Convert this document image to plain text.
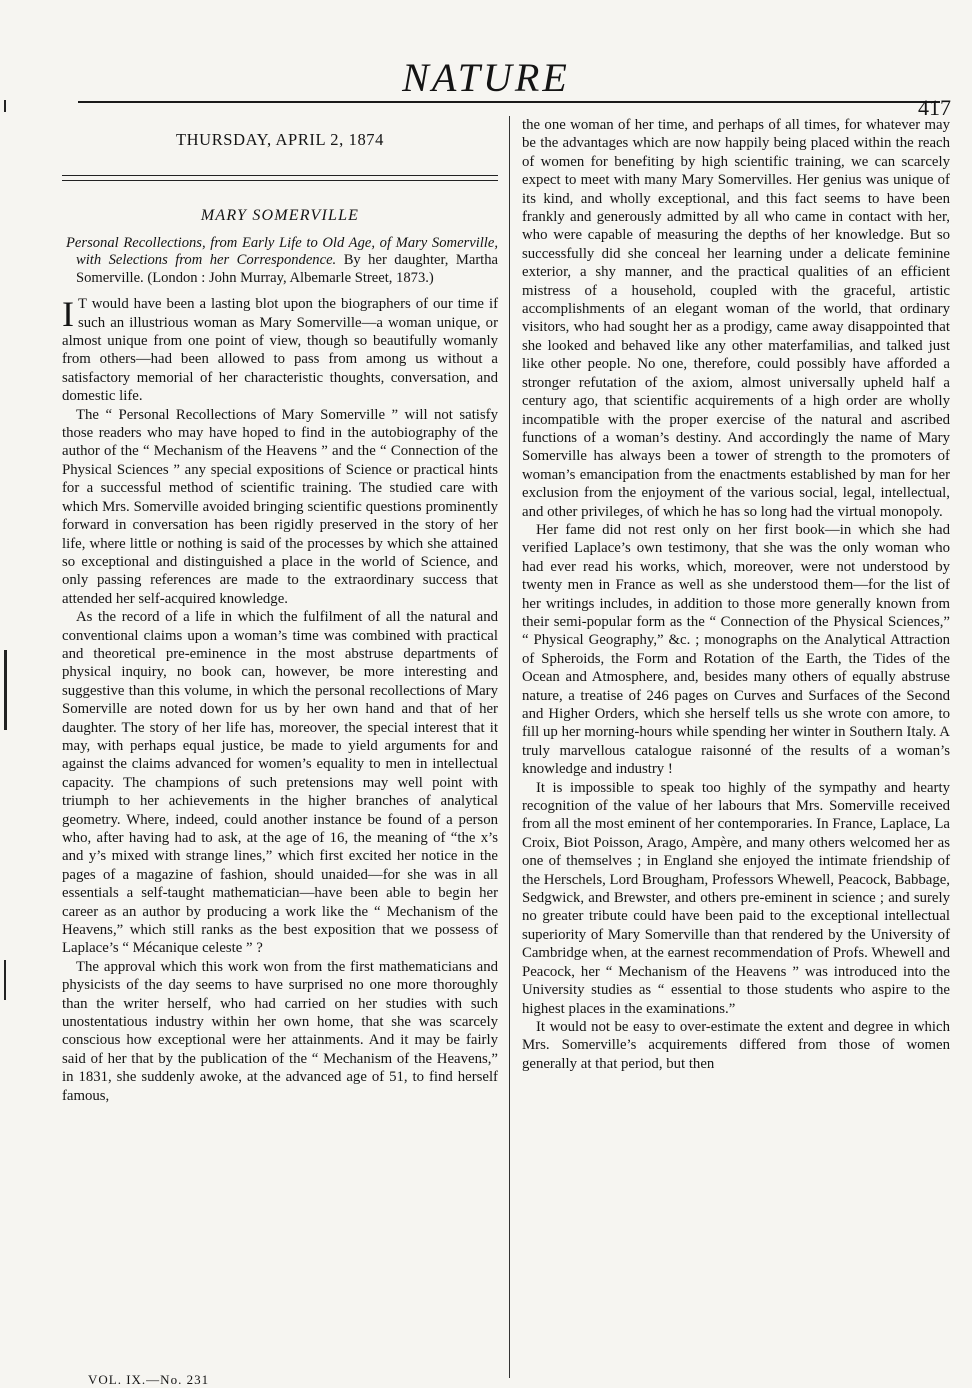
NATURE
417
THURSDAY, APRIL 2, 1874
MARY SOMERVILLE
Personal Recollections, from Early Life to Old Age, of Mary Somerville, with Selections from her Correspondence. By her daughter, Martha Somerville. (London : John Murray, Albemarle Street, 1873.)

I T would have been a lasting blot upon the biographers of our time if such an illustrious woman as Mary Somerville—a woman unique, or almost unique from one point of view, though so beautifully womanly from others—had been allowed to pass from among us without a satisfactory memorial of her characteristic thoughts, conversation, and domestic life.

The “ Personal Recollections of Mary Somerville ” will not satisfy those readers who may have hoped to find in the autobiography of the author of the “ Mechanism of the Heavens ” and the “ Connection of the Physical Sciences ” any special expositions of Science or practical hints for a successful method of scientific training. The studied care with which Mrs. Somerville avoided bringing scientific questions prominently forward in conversation has been rigidly preserved in the story of her life, where little or nothing is said of the processes by which she attained so exceptional and distinguished a place in the world of Science, and only passing references are made to the extraordinary success that attended her self-acquired knowledge.

As the record of a life in which the fulfilment of all the natural and conventional claims upon a woman’s time was combined with practical and theoretical pre-eminence in the most abstruse departments of physical inquiry, no book can, however, be more interesting and suggestive than this volume, in which the personal recollections of Mary Somerville are noted down for us by her own hand and that of her daughter. The story of her life has, moreover, the special interest that it may, with perhaps equal justice, be made to yield arguments for and against the claims advanced for women’s equality to men in intellectual capacity. The champions of such pretensions may well point with triumph to her achievements in the higher branches of analytical geometry. Where, indeed, could another instance be found of a person who, after having had to ask, at the age of 16, the meaning of “the x’s and y’s mixed with strange lines,” which first excited her notice in the pages of a magazine of fashion, should unaided—for she was in all essentials a self-taught mathematician—have been able to begin her career as an author by producing a work like the “ Mechanism of the Heavens,” which still ranks as the best exposition that we possess of Laplace’s “ Mécanique celeste ” ?

The approval which this work won from the first mathematicians and physicists of the day seems to have surprised no one more thoroughly than the writer herself, who had carried on her studies with such unostentatious industry within her own home, that she was scarcely conscious how exceptional were her attainments. And it may be fairly said of her that by the publication of the “ Mechanism of the Heavens,” in 1831, she suddenly awoke, at the advanced age of 51, to find herself famous,

the one woman of her time, and perhaps of all times, for whatever may be the advantages which are now happily being placed within the reach of women for benefiting by high scientific training, we can scarcely expect to meet with many Mary Somervilles. Her genius was unique of its kind, and wholly exceptional, and this fact seems to have been frankly and generously admitted by all who came in contact with her, who were capable of measuring the depths of her knowledge. But so successfully did she conceal her learning under a delicate feminine exterior, a shy manner, and the practical qualities of an efficient mistress of a household, coupled with the graceful, artistic accomplishments of an elegant woman of the world, that ordinary visitors, who had sought her as a prodigy, came away disappointed that she looked and behaved like any other materfamilias, and talked just like other people. No one, therefore, could possibly have afforded a stronger refutation of the axiom, almost universally upheld half a century ago, that scientific acquirements of a high order are wholly incompatible with the proper exercise of the natural and ascribed functions of a woman’s destiny. And accordingly the name of Mary Somerville has always been a tower of strength to the promoters of woman’s emancipation from the enactments established by man for her exclusion from the enjoyment of the various social, legal, intellectual, and other privileges, of which he has so long had the virtual monopoly.

Her fame did not rest only on her first book—in which she had verified Laplace’s own testimony, that she was the only woman who had ever read his works, which, moreover, were not understood by twenty men in France as well as she understood them—for the list of her writings includes, in addition to those more generally known from their semi-popular form as the “ Connection of the Physical Sciences,” “ Physical Geography,” &c. ; monographs on the Analytical Attraction of Spheroids, the Form and Rotation of the Earth, the Tides of the Ocean and Atmosphere, and, besides many others of equally abstruse nature, a treatise of 246 pages on Curves and Surfaces of the Second and Higher Orders, which she herself tells us she wrote con amore, to fill up her morning-hours while spending her winter in Southern Italy. A truly marvellous catalogue raisonné of the results of a woman’s knowledge and industry !

It is impossible to speak too highly of the sympathy and hearty recognition of the value of her labours that Mrs. Somerville received from all the most eminent of her contemporaries. In France, Laplace, La Croix, Biot Poisson, Arago, Ampère, and many others welcomed her as one of themselves ; in England she enjoyed the intimate friendship of the Herschels, Lord Brougham, Professors Whewell, Peacock, Babbage, Sedgwick, and Brewster, and others pre-eminent in science ; and surely no greater tribute could have been paid to the exceptional intellectual superiority of Mary Somerville than that rendered by the University of Cambridge when, at the earnest recommendation of Profs. Whewell and Peacock, her “ Mechanism of the Heavens ” was introduced into the University studies as “ essential to those students who aspire to the highest places in the examinations.”

It would not be easy to over-estimate the extent and degree in which Mrs. Somerville’s acquirements differed from those of women generally at that period, but then

VOL. IX.—No. 231
